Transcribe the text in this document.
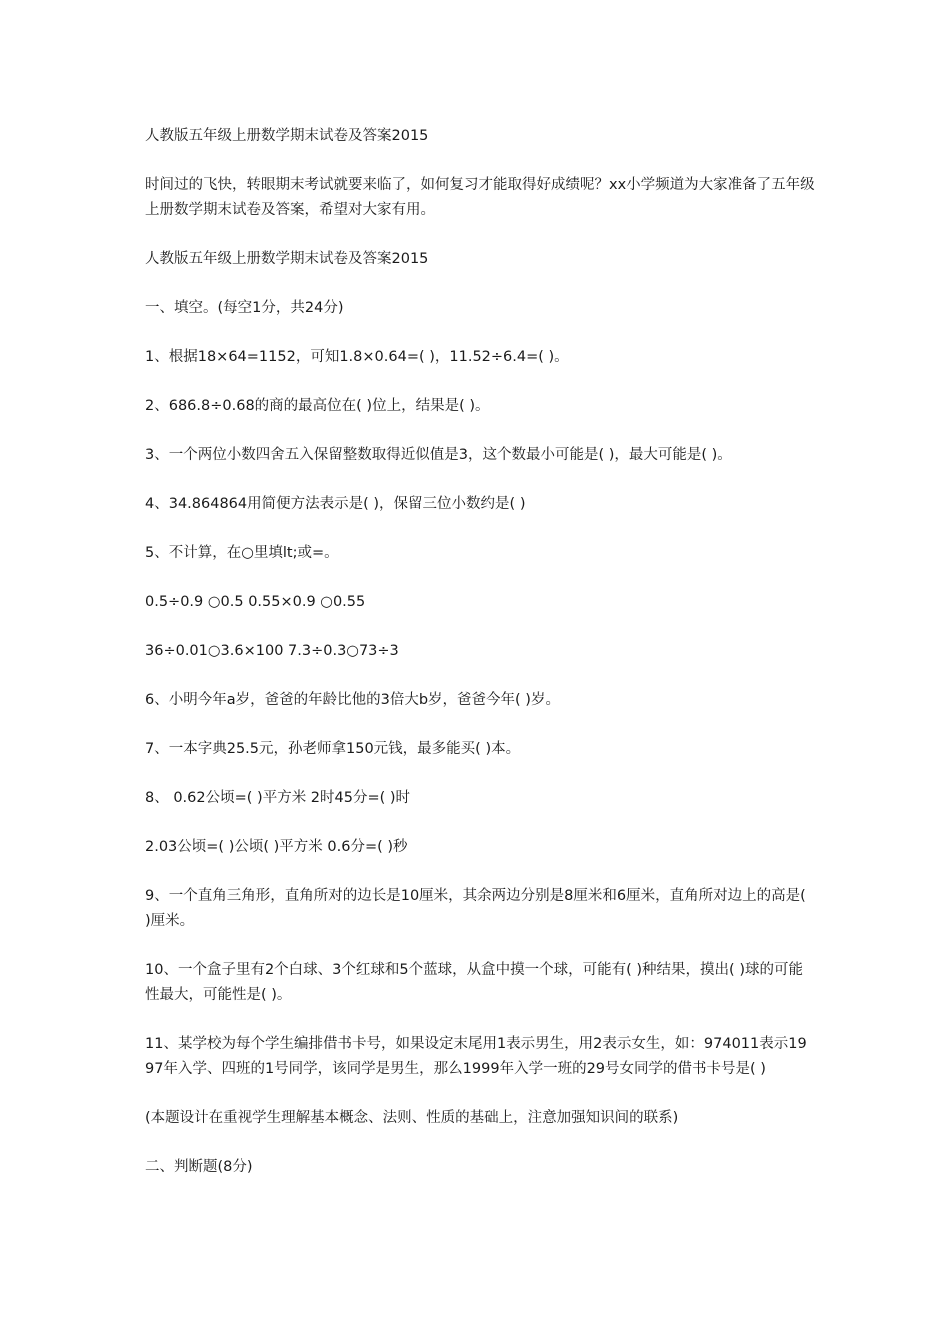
人教版五年级上册数学期末试卷及答案2015

时间过的飞快，转眼期末考试就要来临了，如何复习才能取得好成绩呢？xx小学频道为大家准备了五年级上册数学期末试卷及答案，希望对大家有用。

人教版五年级上册数学期末试卷及答案2015

一、填空。(每空1分，共24分)

1、根据18×64=1152，可知1.8×0.64=( )，11.52÷6.4=( )。

2、686.8÷0.68的商的最高位在( )位上，结果是( )。

3、一个两位小数四舍五入保留整数取得近似值是3，这个数最小可能是( )，最大可能是( )。

4、34.864864用简便方法表示是( )，保留三位小数约是( )

5、不计算，在○里填lt;或=。

0.5÷0.9 ○0.5 0.55×0.9 ○0.55

36÷0.01○3.6×100 7.3÷0.3○73÷3

6、小明今年a岁，爸爸的年龄比他的3倍大b岁，爸爸今年( )岁。

7、一本字典25.5元，孙老师拿150元钱，最多能买( )本。

8、 0.62公顷=( )平方米 2时45分=( )时

2.03公顷=( )公顷( )平方米 0.6分=( )秒

9、一个直角三角形，直角所对的边长是10厘米，其余两边分别是8厘米和6厘米，直角所对边上的高是( )厘米。

10、一个盒子里有2个白球、3个红球和5个蓝球，从盒中摸一个球，可能有( )种结果，摸出( )球的可能性最大，可能性是( )。

11、某学校为每个学生编排借书卡号，如果设定末尾用1表示男生，用2表示女生，如：974011表示1997年入学、四班的1号同学，该同学是男生，那么1999年入学一班的29号女同学的借书卡号是( )

(本题设计在重视学生理解基本概念、法则、性质的基础上，注意加强知识间的联系)

二、判断题(8分)
